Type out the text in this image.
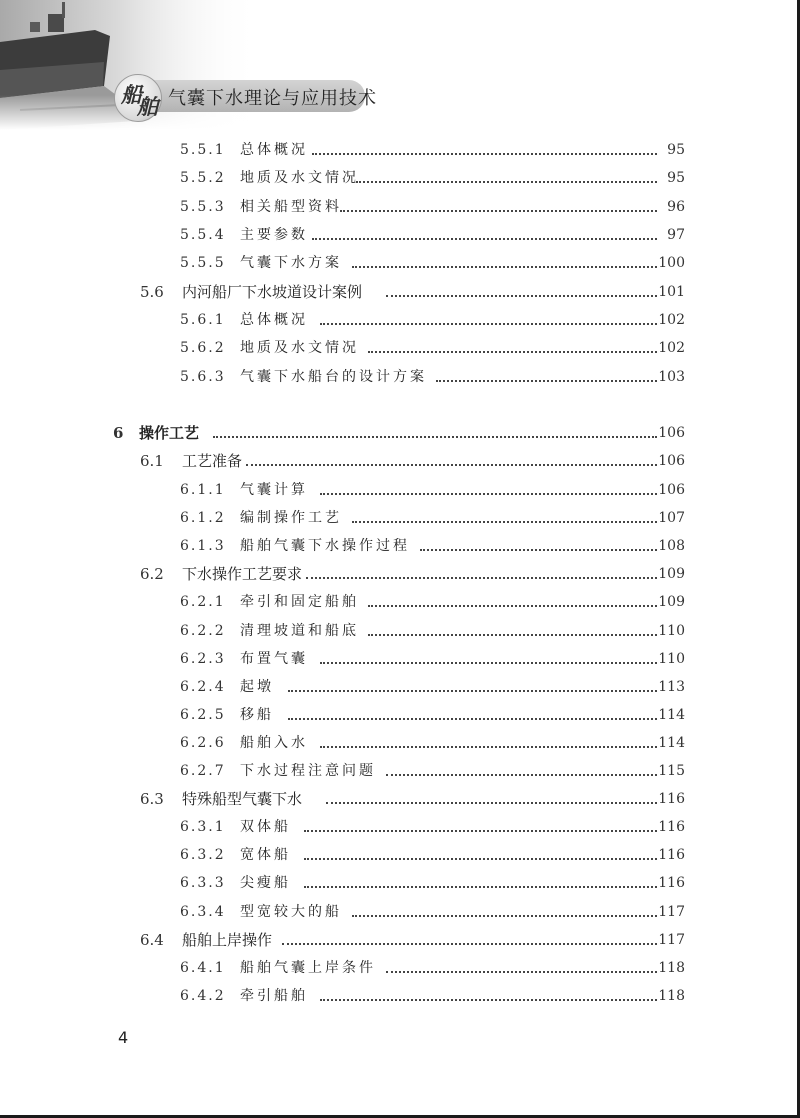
船
舶 气囊下水理论与应用技术
5.5.1 总体概况	95
5.5.2 地质及水文情况	95
5.5.3 相关船型资料	96
5.5.4 主要参数	97
5.5.5 气囊下水方案	100
5.6 内河船厂下水坡道设计案例	101
5.6.1 总体概况	102
5.6.2 地质及水文情况	102
5.6.3 气囊下水船台的设计方案	103
6 操作工艺	106
6.1 工艺准备	106
6.1.1 气囊计算	106
6.1.2 编制操作工艺	107
6.1.3 船舶气囊下水操作过程	108
6.2 下水操作工艺要求	109
6.2.1 牵引和固定船舶	109
6.2.2 清理坡道和船底	110
6.2.3 布置气囊	110
6.2.4 起墩	113
6.2.5 移船	114
6.2.6 船舶入水	114
6.2.7 下水过程注意问题	115
6.3 特殊船型气囊下水	116
6.3.1 双体船	116
6.3.2 宽体船	116
6.3.3 尖瘦船	116
6.3.4 型宽较大的船	117
6.4 船舶上岸操作	117
6.4.1 船舶气囊上岸条件	118
6.4.2 牵引船舶	118
4
